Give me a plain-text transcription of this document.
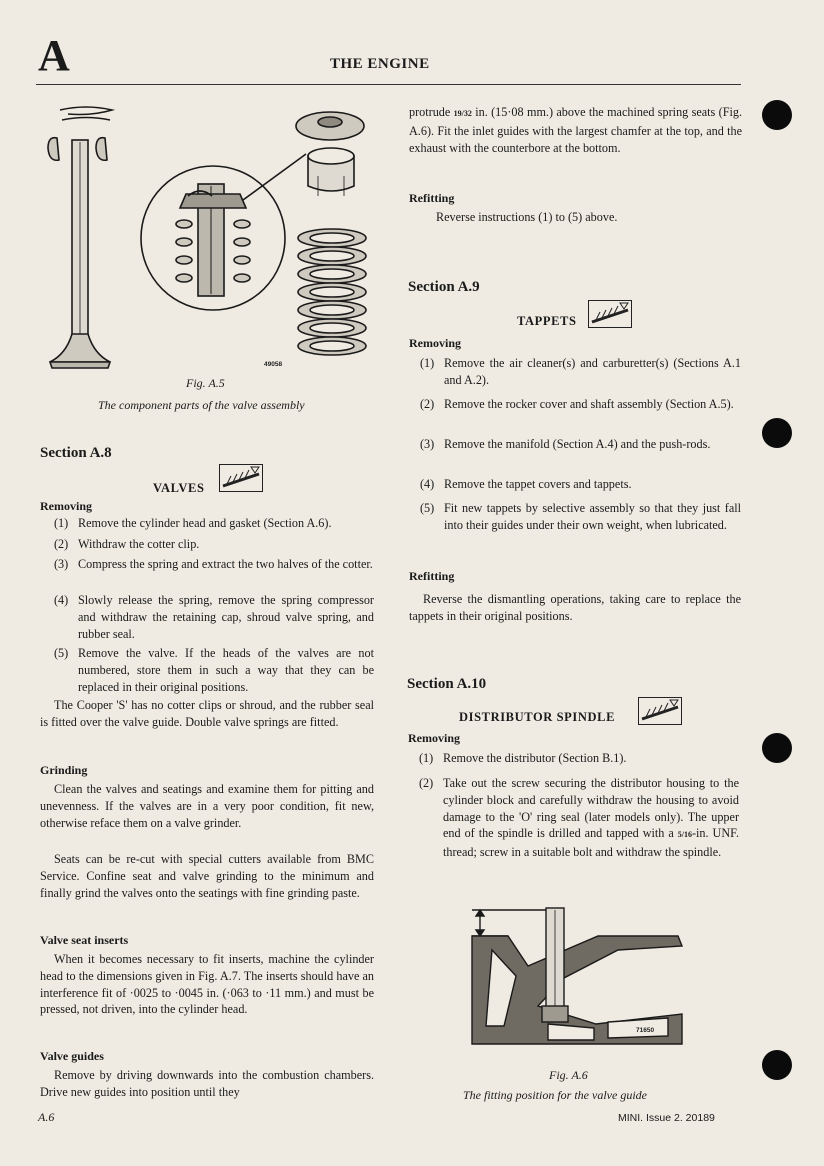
A	THE ENGINE
49058
Fig. A.5
The component parts of the valve assembly
Section A.8
VALVES
Removing
(1) Remove the cylinder head and gasket (Section A.6).
(2) Withdraw the cotter clip.
(3) Compress the spring and extract the two halves of the cotter.
(4) Slowly release the spring, remove the spring compressor and withdraw the retaining cap, shroud valve spring, and rubber seal.
(5) Remove the valve. If the heads of the valves are not numbered, store them in such a way that they can be replaced in their original positions.
The Cooper 'S' has no cotter clips or shroud, and the rubber seal is fitted over the valve guide. Double valve springs are fitted.
Grinding
Clean the valves and seatings and examine them for pitting and unevenness. If the valves are in a very poor condition, fit new, otherwise reface them on a valve grinder.
Seats can be re-cut with special cutters available from BMC Service. Confine seat and valve grinding to the minimum and finally grind the valves onto the seatings with fine grinding paste.
Valve seat inserts
When it becomes necessary to fit inserts, machine the cylinder head to the dimensions given in Fig. A.7. The inserts should have an interference fit of ·0025 to ·0045 in. (·063 to ·11 mm.) and must be pressed, not driven, into the cylinder head.
Valve guides
Remove by driving downwards into the combustion chambers. Drive new guides into position until they
A.6
protrude 19/32 in. (15·08 mm.) above the machined spring seats (Fig. A.6). Fit the inlet guides with the largest chamfer at the top, and the exhaust with the counterbore at the bottom.
Refitting
Reverse instructions (1) to (5) above.
Section A.9
TAPPETS
Removing
(1) Remove the air cleaner(s) and carburetter(s) (Sections A.1 and A.2).
(2) Remove the rocker cover and shaft assembly (Section A.5).
(3) Remove the manifold (Section A.4) and the push-rods.
(4) Remove the tappet covers and tappets.
(5) Fit new tappets by selective assembly so that they just fall into their guides under their own weight, when lubricated.
Refitting
Reverse the dismantling operations, taking care to replace the tappets in their original positions.
Section A.10
DISTRIBUTOR SPINDLE
Removing
(1) Remove the distributor (Section B.1).
(2) Take out the screw securing the distributor housing to the cylinder block and carefully withdraw the housing to avoid damage to the 'O' ring seal (later models only). The upper end of the spindle is drilled and tapped with a 5/16-in. UNF. thread; screw in a suitable bolt and withdraw the spindle.
71650
Fig. A.6
The fitting position for the valve guide
MINI. Issue 2. 20189
